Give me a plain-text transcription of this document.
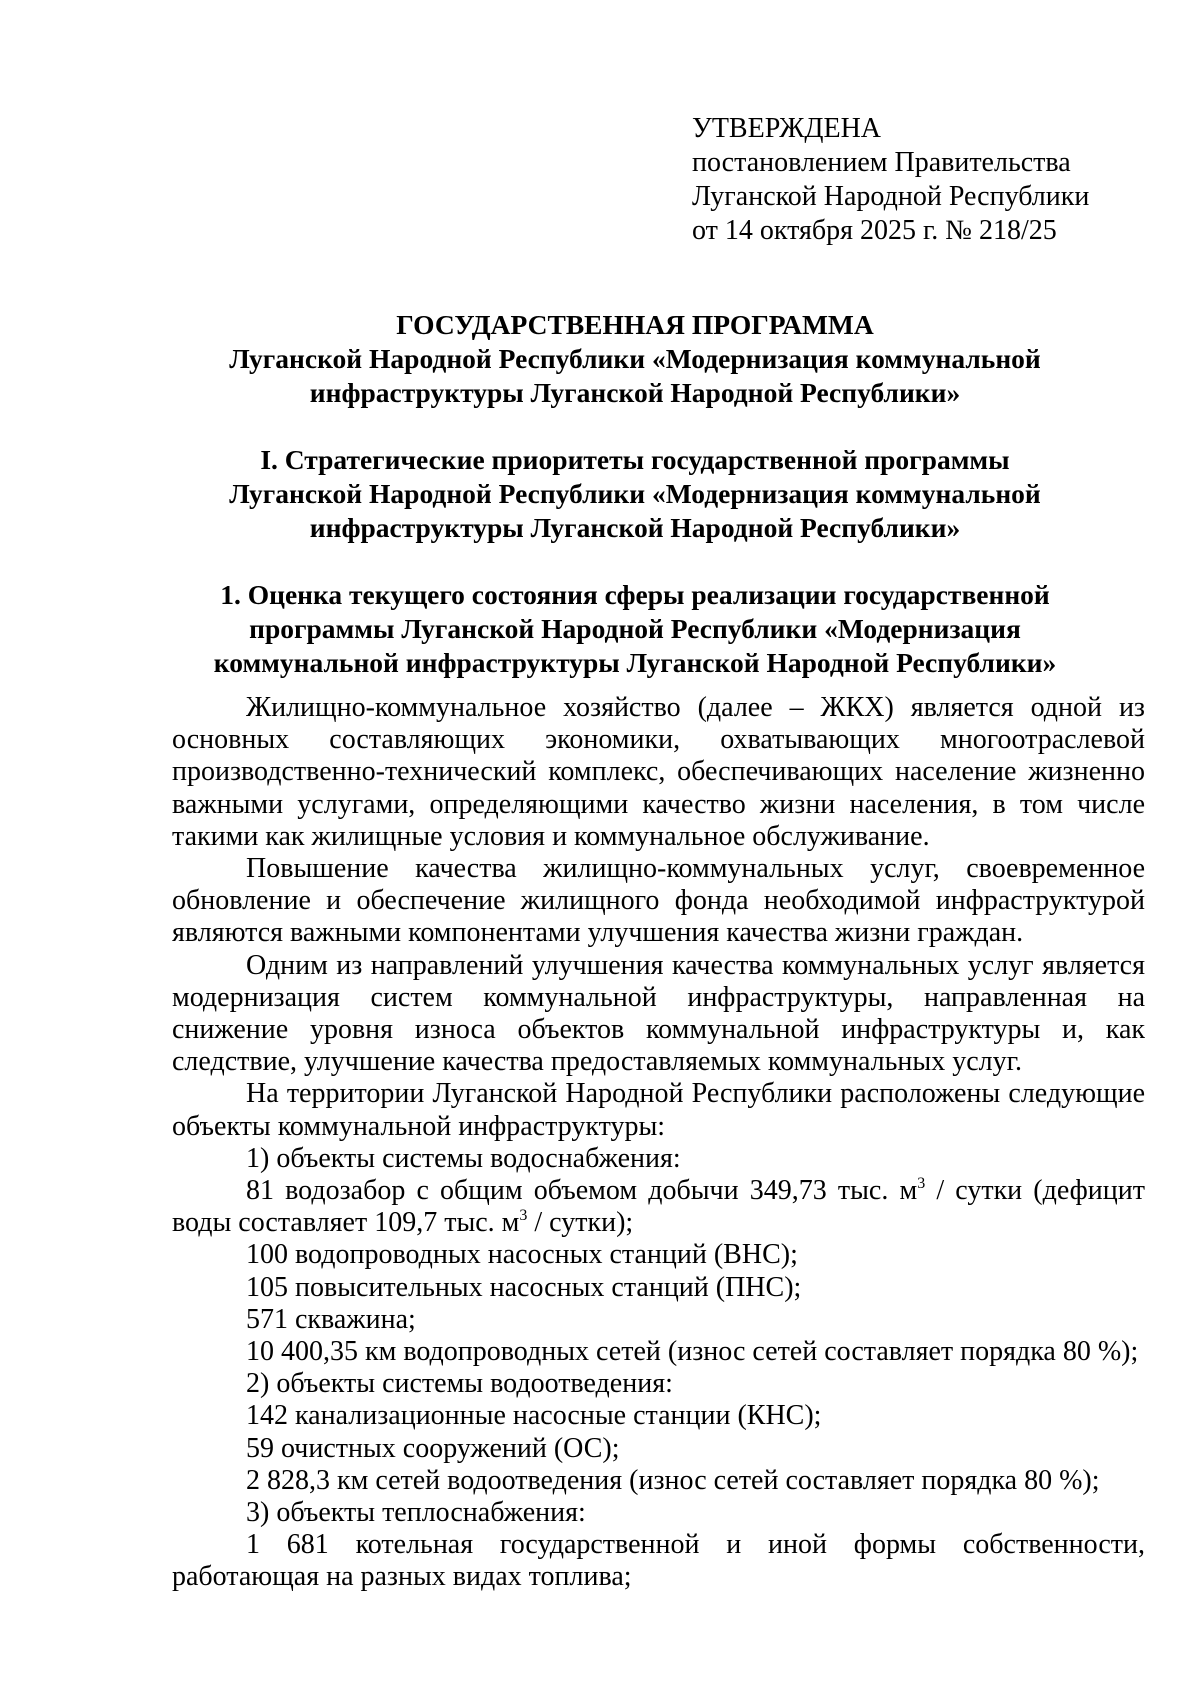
УТВЕРЖДЕНА
постановлением Правительства
Луганской Народной Республики
от 14 октября 2025 г. № 218/25
ГОСУДАРСТВЕННАЯ ПРОГРАММА
Луганской Народной Республики «Модернизация коммунальной
инфраструктуры Луганской Народной Республики»
I. Стратегические приоритеты государственной программы
Луганской Народной Республики «Модернизация коммунальной
инфраструктуры Луганской Народной Республики»
1. Оценка текущего состояния сферы реализации государственной
программы Луганской Народной Республики «Модернизация
коммунальной инфраструктуры Луганской Народной Республики»

Жилищно-коммунальное хозяйство (далее – ЖКХ) является одной из основных составляющих экономики, охватывающих многоотраслевой производственно-технический комплекс, обеспечивающих население жизненно важными услугами, определяющими качество жизни населения, в том числе такими как жилищные условия и коммунальное обслуживание.

Повышение качества жилищно-коммунальных услуг, своевременное обновление и обеспечение жилищного фонда необходимой инфраструктурой являются важными компонентами улучшения качества жизни граждан.

Одним из направлений улучшения качества коммунальных услуг является модернизация систем коммунальной инфраструктуры, направленная на снижение уровня износа объектов коммунальной инфраструктуры и, как следствие, улучшение качества предоставляемых коммунальных услуг.

На территории Луганской Народной Республики расположены следующие объекты коммунальной инфраструктуры:

1) объекты системы водоснабжения:

81 водозабор с общим объемом добычи 349,73 тыс. $м^3$ / сутки (дефицит воды составляет 109,7 тыс. $м^3$ / сутки);

100 водопроводных насосных станций (ВНС);

105 повысительных насосных станций (ПНС);

571 скважина;

10 400,35 км водопроводных сетей (износ сетей составляет порядка 80 %);

2) объекты системы водоотведения:

142 канализационные насосные станции (КНС);

59 очистных сооружений (ОС);

2 828,3 км сетей водоотведения (износ сетей составляет порядка 80 %);

3) объекты теплоснабжения:

1 681 котельная государственной и иной формы собственности, работающая на разных видах топлива;
